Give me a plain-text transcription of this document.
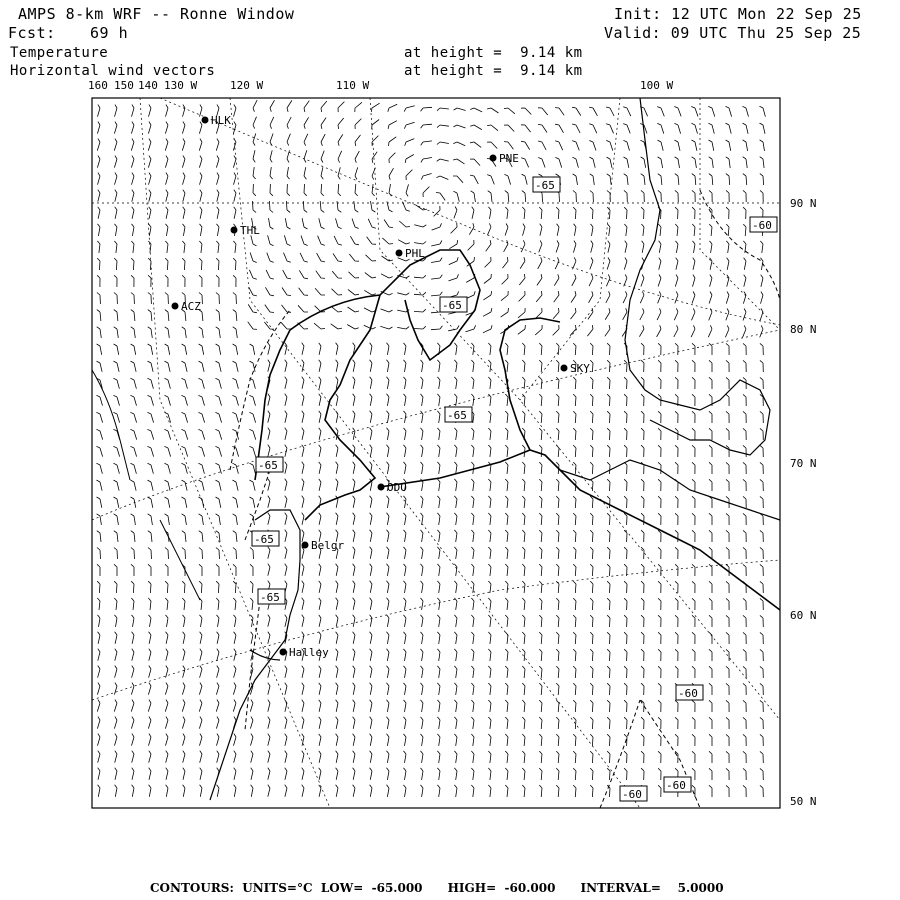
AMPS 8-km WRF -- Ronne Window	Init: 12 UTC Mon 22 Sep 25
Fcst: 69 h	Valid: 09 UTC Thu 25 Sep 25
Temperature
Horizontal wind vectors
at height =  9.14 km
at height =  9.14 km
160 150 140 130 W	120 W	110 W	100 W
90 N
80 N
70 N
60 N
50 N
HLK
PNE
THL
PHL
ACZ
SKY
ODO
Belgr
Halley
-65
-60
-65
-65
-65
-65
-65
-60
-60
-60
CONTOURS:  UNITS=°C  LOW=  -65.000      HIGH=  -60.000      INTERVAL=    5.0000
